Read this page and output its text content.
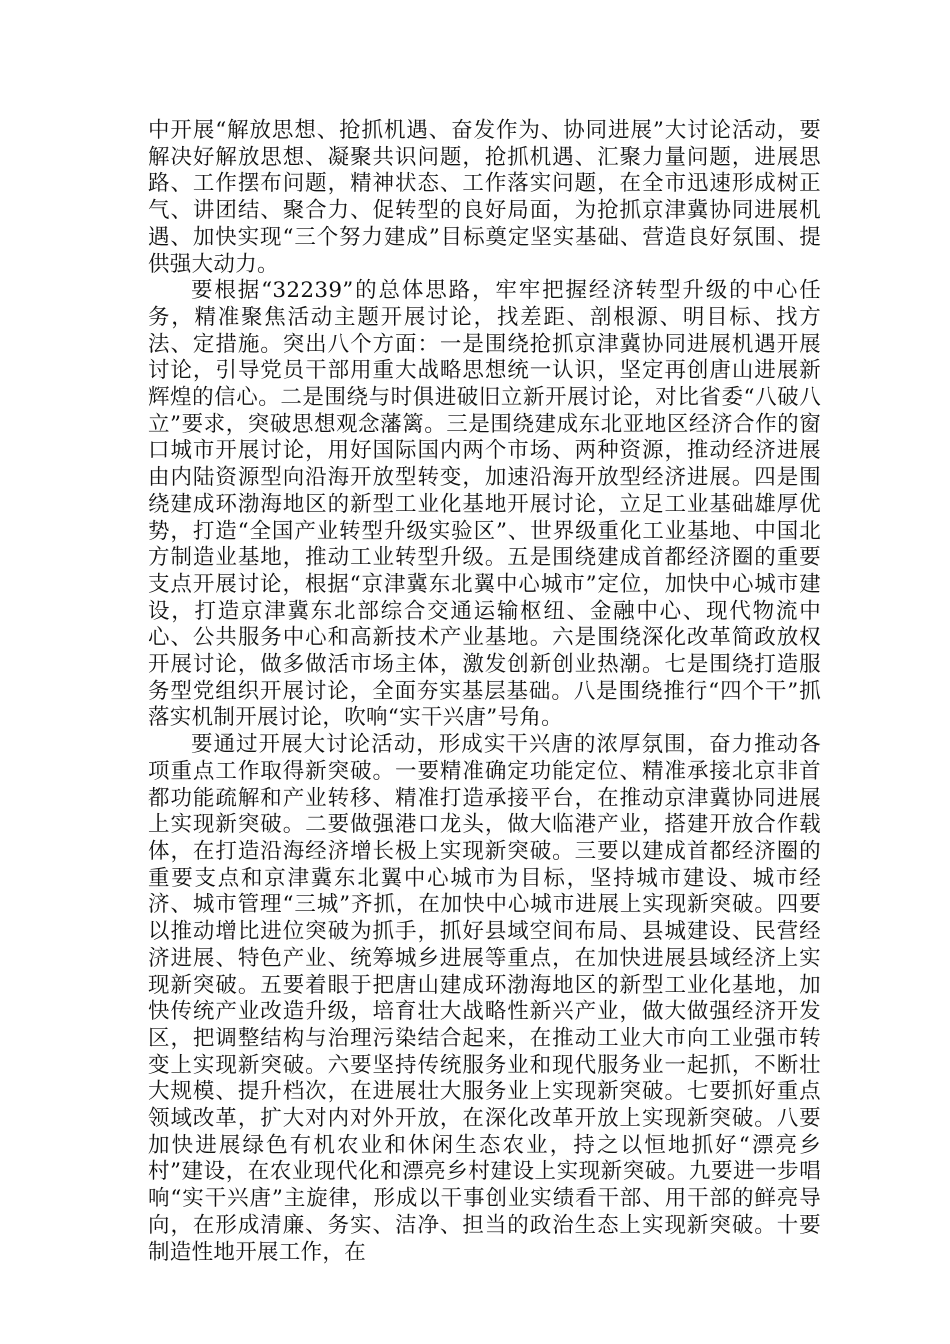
中开展“解放思想、抢抓机遇、奋发作为、协同进展”大讨论活动，要解决好解放思想、凝聚共识问题，抢抓机遇、汇聚力量问题，进展思路、工作摆布问题，精神状态、工作落实问题，在全市迅速形成树正气、讲团结、聚合力、促转型的良好局面，为抢抓京津冀协同进展机遇、加快实现“三个努力建成”目标奠定坚实基础、营造良好氛围、提供强大动力。

要根据“32239”的总体思路，牢牢把握经济转型升级的中心任务，精准聚焦活动主题开展讨论，找差距、剖根源、明目标、找方法、定措施。突出八个方面：一是围绕抢抓京津冀协同进展机遇开展讨论，引导党员干部用重大战略思想统一认识，坚定再创唐山进展新辉煌的信心。二是围绕与时俱进破旧立新开展讨论，对比省委“八破八立”要求，突破思想观念藩篱。三是围绕建成东北亚地区经济合作的窗口城市开展讨论，用好国际国内两个市场、两种资源，推动经济进展由内陆资源型向沿海开放型转变，加速沿海开放型经济进展。四是围绕建成环渤海地区的新型工业化基地开展讨论，立足工业基础雄厚优势，打造“全国产业转型升级实验区”、世界级重化工业基地、中国北方制造业基地，推动工业转型升级。五是围绕建成首都经济圈的重要支点开展讨论，根据“京津冀东北翼中心城市”定位，加快中心城市建设，打造京津冀东北部综合交通运输枢纽、金融中心、现代物流中心、公共服务中心和高新技术产业基地。六是围绕深化改革简政放权开展讨论，做多做活市场主体，激发创新创业热潮。七是围绕打造服务型党组织开展讨论，全面夯实基层基础。八是围绕推行“四个干”抓落实机制开展讨论，吹响“实干兴唐”号角。

要通过开展大讨论活动，形成实干兴唐的浓厚氛围，奋力推动各项重点工作取得新突破。一要精准确定功能定位、精准承接北京非首都功能疏解和产业转移、精准打造承接平台，在推动京津冀协同进展上实现新突破。二要做强港口龙头，做大临港产业，搭建开放合作载体，在打造沿海经济增长极上实现新突破。三要以建成首都经济圈的重要支点和京津冀东北翼中心城市为目标，坚持城市建设、城市经济、城市管理“三城”齐抓，在加快中心城市进展上实现新突破。四要以推动增比进位突破为抓手，抓好县域空间布局、县城建设、民营经济进展、特色产业、统筹城乡进展等重点，在加快进展县域经济上实现新突破。五要着眼于把唐山建成环渤海地区的新型工业化基地，加快传统产业改造升级，培育壮大战略性新兴产业，做大做强经济开发区，把调整结构与治理污染结合起来，在推动工业大市向工业强市转变上实现新突破。六要坚持传统服务业和现代服务业一起抓，不断壮大规模、提升档次，在进展壮大服务业上实现新突破。七要抓好重点领域改革，扩大对内对外开放，在深化改革开放上实现新突破。八要加快进展绿色有机农业和休闲生态农业，持之以恒地抓好“漂亮乡村”建设，在农业现代化和漂亮乡村建设上实现新突破。九要进一步唱响“实干兴唐”主旋律，形成以干事创业实绩看干部、用干部的鲜亮导向，在形成清廉、务实、洁净、担当的政治生态上实现新突破。十要制造性地开展工作，在
